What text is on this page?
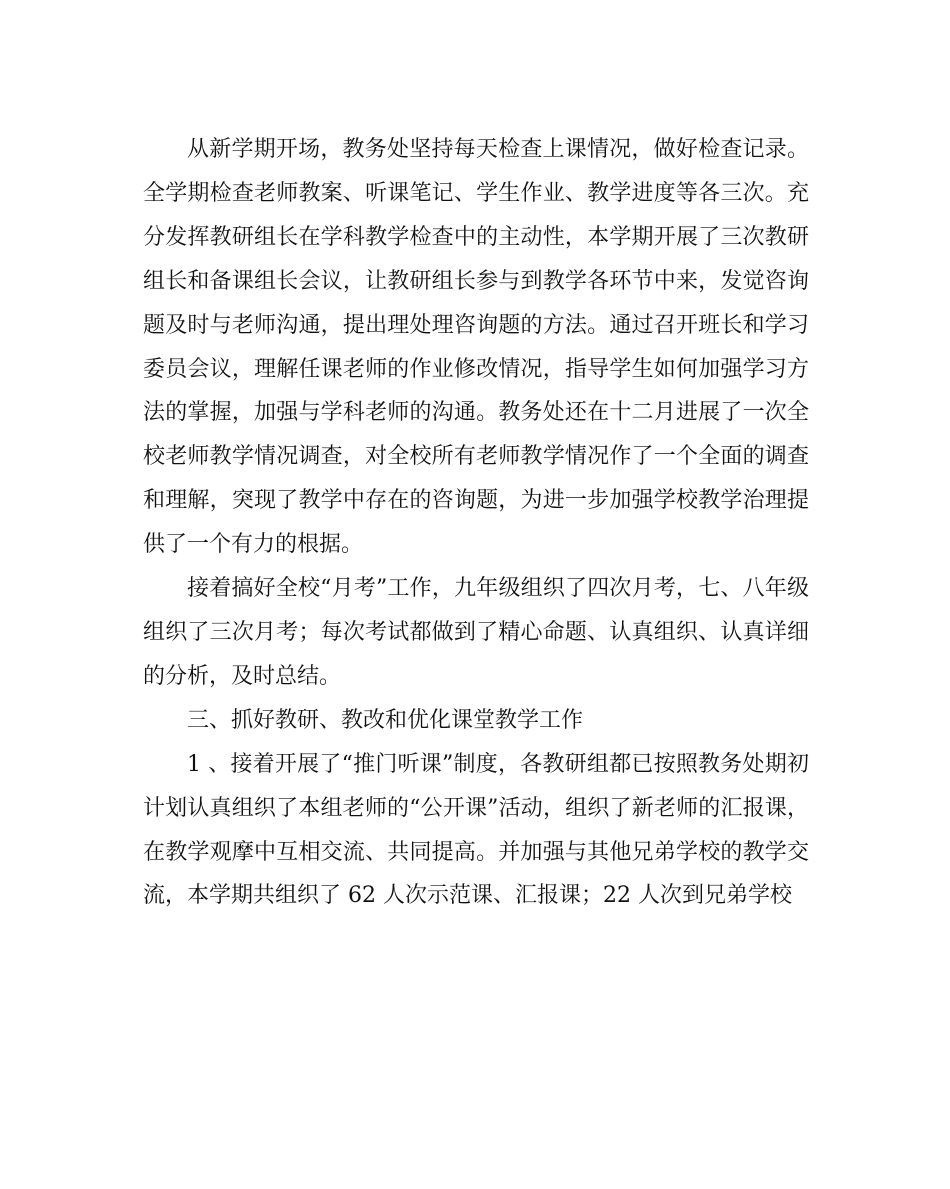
从新学期开场，教务处坚持每天检查上课情况，做好检查记录。全学期检查老师教案、听课笔记、学生作业、教学进度等各三次。充分发挥教研组长在学科教学检查中的主动性，本学期开展了三次教研组长和备课组长会议，让教研组长参与到教学各环节中来，发觉咨询题及时与老师沟通，提出理处理咨询题的方法。通过召开班长和学习委员会议，理解任课老师的作业修改情况，指导学生如何加强学习方法的掌握，加强与学科老师的沟通。教务处还在十二月进展了一次全校老师教学情况调查，对全校所有老师教学情况作了一个全面的调查和理解，突现了教学中存在的咨询题，为进一步加强学校教学治理提供了一个有力的根据。

接着搞好全校“月考”工作，九年级组织了四次月考，七、八年级组织了三次月考；每次考试都做到了精心命题、认真组织、认真详细的分析，及时总结。

三、抓好教研、教改和优化课堂教学工作

1 、接着开展了“推门听课”制度，各教研组都已按照教务处期初计划认真组织了本组老师的“公开课”活动，组织了新老师的汇报课，在教学观摩中互相交流、共同提高。并加强与其他兄弟学校的教学交流，本学期共组织了 62 人次示范课、汇报课；22 人次到兄弟学校
